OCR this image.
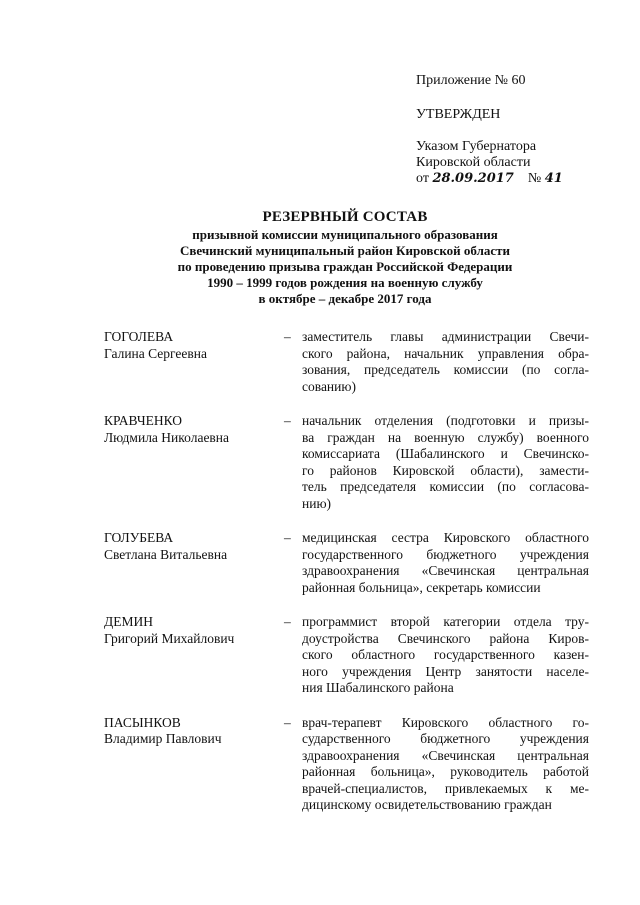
Приложение № 60
УТВЕРЖДЕН
Указом Губернатора
Кировской области
от 28.09.2017 № 41
РЕЗЕРВНЫЙ СОСТАВ
призывной комиссии муниципального образования
Свечинский муниципальный район Кировской области
по проведению призыва граждан Российской Федерации
1990 – 1999 годов рождения на военную службу
в октябре – декабре 2017 года
ГОГОЛЕВА
Галина Сергеевна
– заместитель главы администрации Свечи-
ского района, начальник управления обра-
зования, председатель комиссии (по согла-
сованию)
КРАВЧЕНКО
Людмила Николаевна
– начальник отделения (подготовки и призы-
ва граждан на военную службу) военного
комиссариата (Шабалинского и Свечинско-
го районов Кировской области), замести-
тель председателя комиссии (по согласова-
нию)
ГОЛУБЕВА
Светлана Витальевна
– медицинская сестра Кировского областного
государственного бюджетного учреждения
здравоохранения «Свечинская центральная
районная больница», секретарь комиссии
ДЕМИН
Григорий Михайлович
– программист второй категории отдела тру-
доустройства Свечинского района Киров-
ского областного государственного казен-
ного учреждения Центр занятости населе-
ния Шабалинского района
ПАСЫНКОВ
Владимир Павлович
– врач-терапевт Кировского областного го-
сударственного бюджетного учреждения
здравоохранения «Свечинская центральная
районная больница», руководитель работой
врачей-специалистов, привлекаемых к ме-
дицинскому освидетельствованию граждан
